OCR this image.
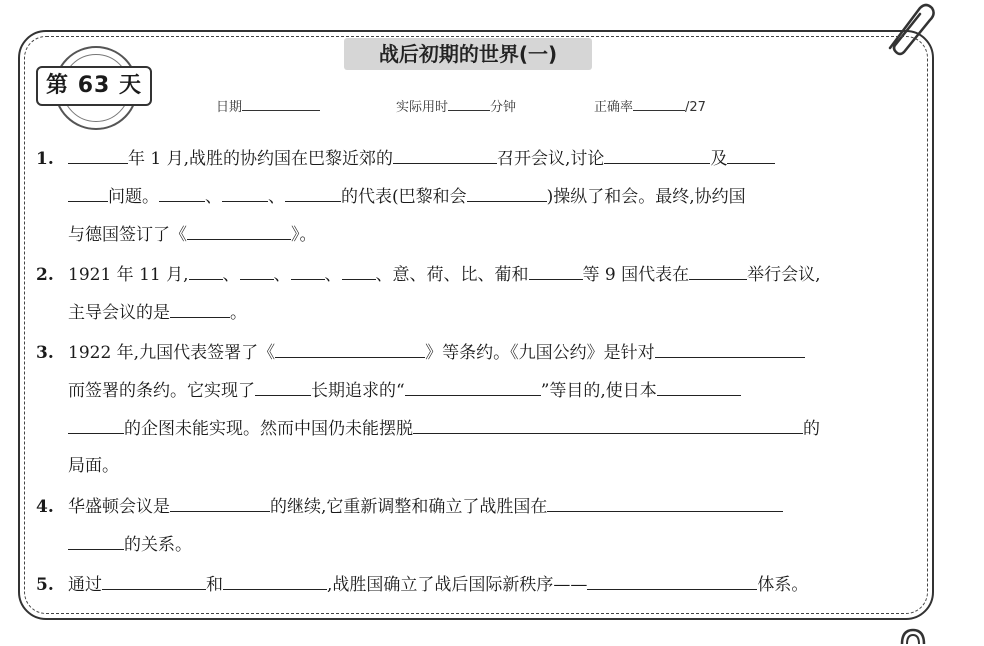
战后初期的世界(一)
第 63 天
日期	实际用时	分钟	正确率	/27
1.	年 1 月,战胜的协约国在巴黎近郊的	召开会议,讨论	及
问题。	、	、	的代表(巴黎和会	)操纵了和会。最终,协约国
与德国签订了《	》。
2. 1921 年 11 月, 、 、 、 、意、荷、比、葡和	等 9 国代表在	举行会议,
主导会议的是	。
3. 1922 年,九国代表签署了《	》等条约。《九国公约》是针对
而签署的条约。它实现了	长期追求的“	”等目的,使日本
的企图未能实现。然而中国仍未能摆脱	的
局面。
4. 华盛顿会议是	的继续,它重新调整和确立了战胜国在
的关系。
5. 通过	和	,战胜国确立了战后国际新秩序——	体系。
